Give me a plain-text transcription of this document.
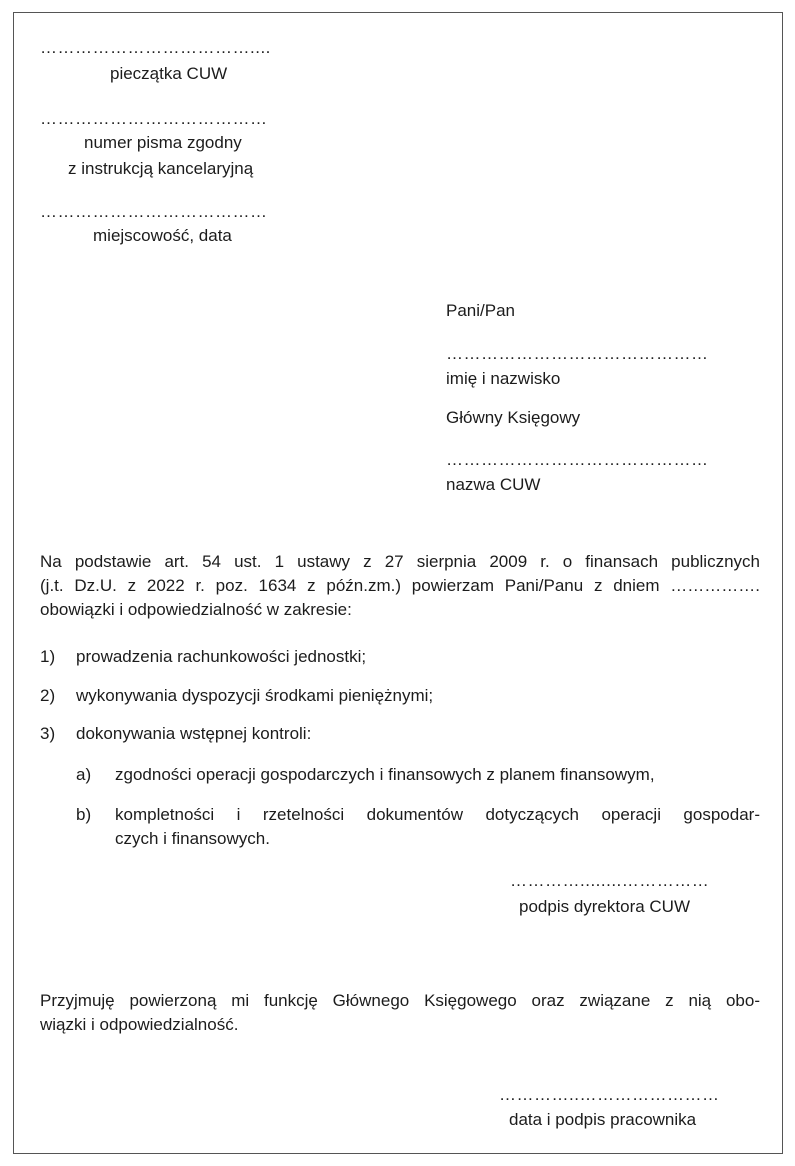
………………………………....
pieczątka CUW
…………………………………
numer pisma zgodny
z instrukcją kancelaryjną
…………………………………
miejscowość, data
Pani/Pan
………………………………………
imię i nazwisko
Główny Księgowy
………………………………………
nazwa CUW
Na podstawie art. 54 ust. 1 ustawy z 27 sierpnia 2009 r. o finansach publicznych
(j.t. Dz.U. z 2022 r. poz. 1634 z późn.zm.) powierzam Pani/Panu z dniem …………….
obowiązki i odpowiedzialność w zakresie:
1) prowadzenia rachunkowości jednostki;
2) wykonywania dyspozycji środkami pieniężnymi;
3) dokonywania wstępnej kontroli:
a) zgodności operacji gospodarczych i finansowych z planem finansowym,
b) kompletności i rzetelności dokumentów dotyczących operacji gospodar-
czych i finansowych.
…………........……………
podpis dyrektora CUW
Przyjmuję powierzoną mi funkcję Głównego Księgowego oraz związane z nią obo-
wiązki i odpowiedzialność.
…………..……………………
data i podpis pracownika
